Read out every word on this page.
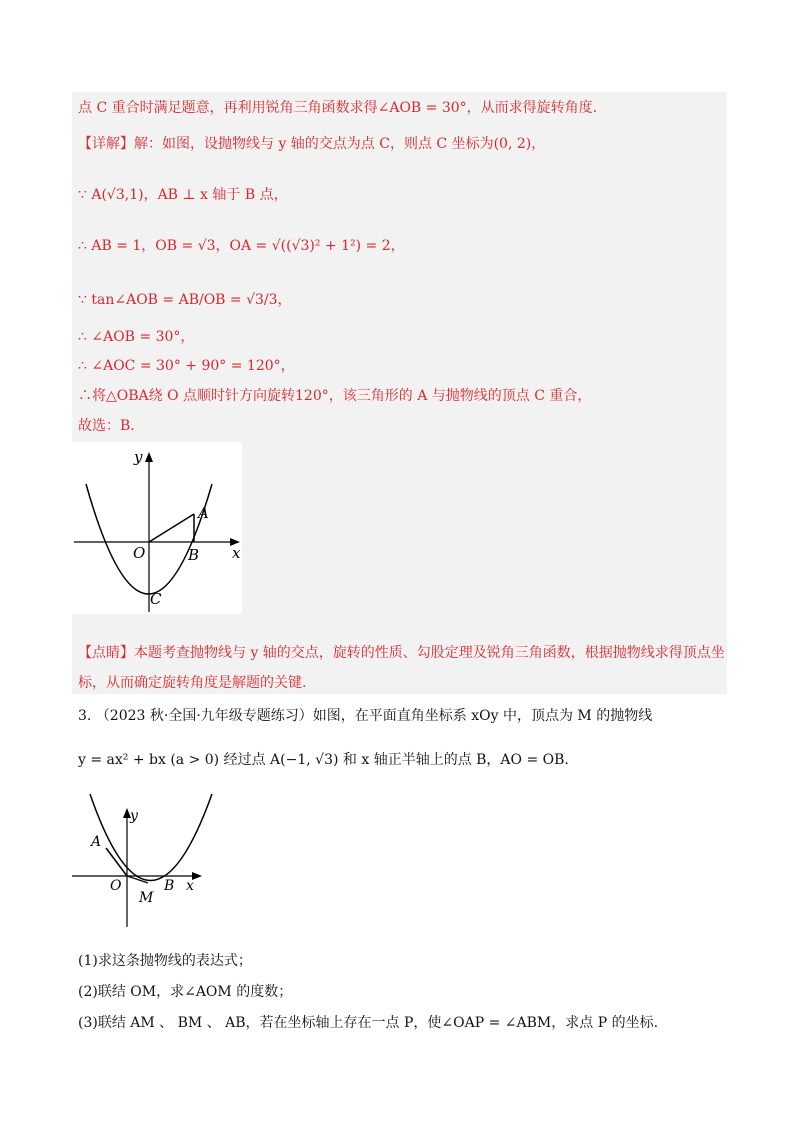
点 C 重合时满足题意，再利用锐角三角函数求得∠AOB = 30°，从而求得旋转角度.
【详解】解：如图，设抛物线与 y 轴的交点为点 C，则点 C 坐标为(0, 2)，
∵ A(√3,1)，AB ⊥ x 轴于 B 点，
∴ AB = 1，OB = √3，OA = √((√3)² + 1²) = 2，
∵ tan∠AOB = AB/OB = √3/3，
∴ ∠AOB = 30°，
∴ ∠AOC = 30° + 90° = 120°，
∴将△OBA绕 O 点顺时针方向旋转120°，该三角形的 A 与抛物线的顶点 C 重合，
故选：B.
y
x
A
O	B
C
【点睛】本题考查抛物线与 y 轴的交点，旋转的性质、勾股定理及锐角三角函数，根据抛物线求得顶点坐
标，从而确定旋转角度是解题的关键.
3. （2023 秋·全国·九年级专题练习）如图，在平面直角坐标系 xOy 中，顶点为 M 的抛物线
y = ax² + bx (a > 0) 经过点 A(−1, √3) 和 x 轴正半轴上的点 B，AO = OB.
y
x
A
O	B
M
(1)求这条抛物线的表达式；
(2)联结 OM，求∠AOM 的度数；
(3)联结 AM 、 BM 、 AB，若在坐标轴上存在一点 P，使∠OAP = ∠ABM，求点 P 的坐标.
